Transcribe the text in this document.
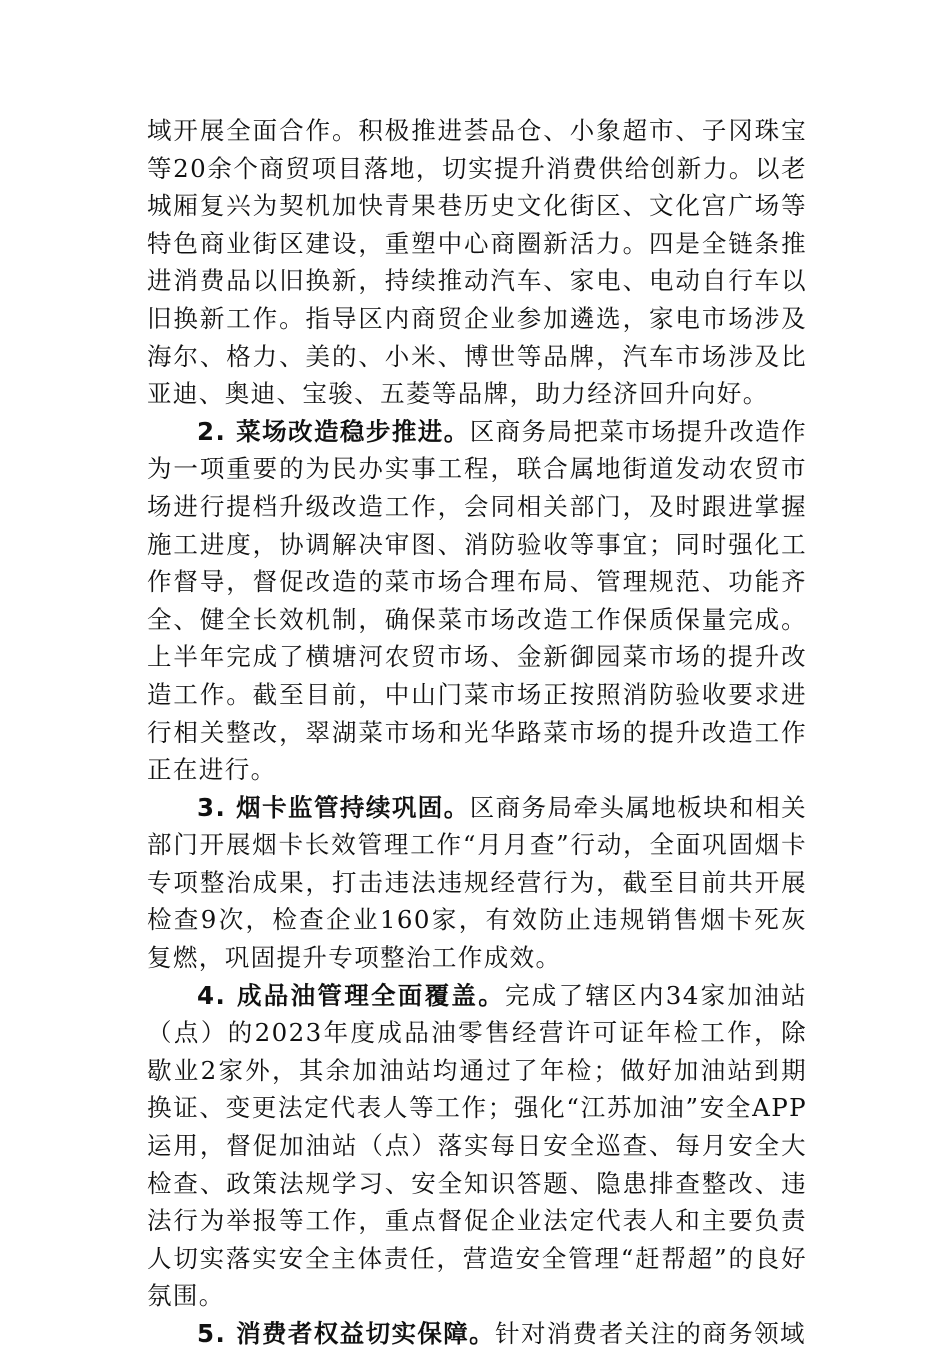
域开展全面合作。积极推进荟品仓、小象超市、子冈珠宝等20余个商贸项目落地，切实提升消费供给创新力。以老城厢复兴为契机加快青果巷历史文化街区、文化宫广场等特色商业街区建设，重塑中心商圈新活力。四是全链条推进消费品以旧换新，持续推动汽车、家电、电动自行车以旧换新工作。指导区内商贸企业参加遴选，家电市场涉及海尔、格力、美的、小米、博世等品牌，汽车市场涉及比亚迪、奥迪、宝骏、五菱等品牌，助力经济回升向好。

2. 菜场改造稳步推进。区商务局把菜市场提升改造作为一项重要的为民办实事工程，联合属地街道发动农贸市场进行提档升级改造工作，会同相关部门，及时跟进掌握施工进度，协调解决审图、消防验收等事宜；同时强化工作督导，督促改造的菜市场合理布局、管理规范、功能齐全、健全长效机制，确保菜市场改造工作保质保量完成。上半年完成了横塘河农贸市场、金新御园菜市场的提升改造工作。截至目前，中山门菜市场正按照消防验收要求进行相关整改，翠湖菜市场和光华路菜市场的提升改造工作正在进行。

3. 烟卡监管持续巩固。区商务局牵头属地板块和相关部门开展烟卡长效管理工作“月月查”行动，全面巩固烟卡专项整治成果，打击违法违规经营行为，截至目前共开展检查9次，检查企业160家，有效防止违规销售烟卡死灰复燃，巩固提升专项整治工作成效。

4. 成品油管理全面覆盖。完成了辖区内34家加油站（点）的2023年度成品油零售经营许可证年检工作，除歇业2家外，其余加油站均通过了年检；做好加油站到期换证、变更法定代表人等工作；强化“江苏加油”安全APP运用，督促加油站（点）落实每日安全巡查、每月安全大检查、政策法规学习、安全知识答题、隐患排查整改、违法行为举报等工作，重点督促企业法定代表人和主要负责人切实落实安全主体责任，营造安全管理“赶帮超”的良好氛围。

5. 消费者权益切实保障。针对消费者关注的商务领域
